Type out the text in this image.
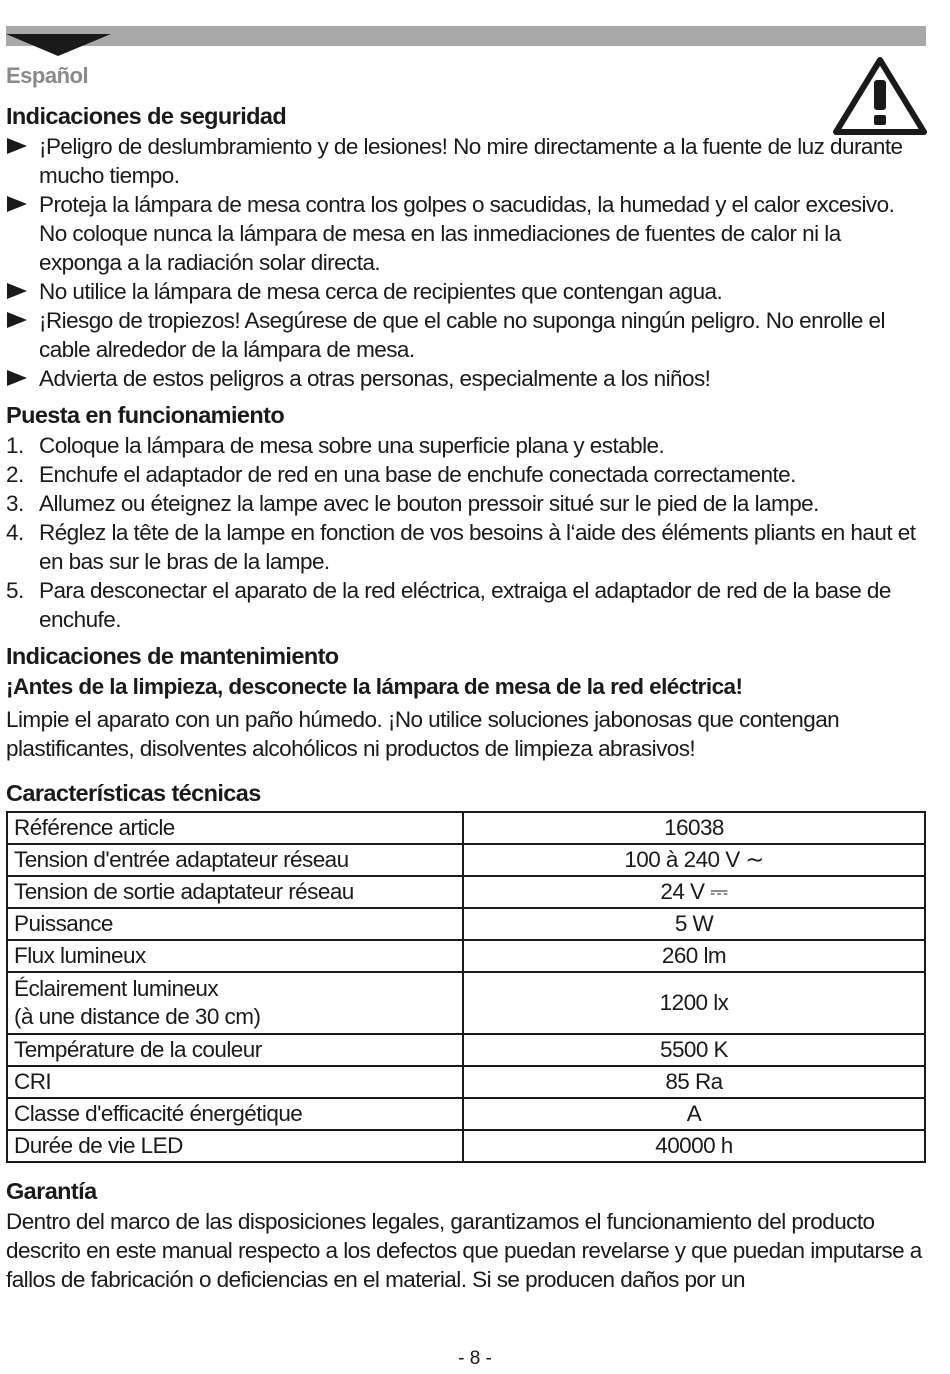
Español
Indicaciones de seguridad
¡Peligro de deslumbramiento y de lesiones! No mire directamente a la fuente de luz durante mucho tiempo.
Proteja la lámpara de mesa contra los golpes o sacudidas, la humedad y el calor excesivo. No coloque nunca la lámpara de mesa en las inmediaciones de fuentes de calor ni la exponga a la radiación solar directa.
No utilice la lámpara de mesa cerca de recipientes que contengan agua.
¡Riesgo de tropiezos! Asegúrese de que el cable no suponga ningún peligro. No enrolle el cable alrededor de la lámpara de mesa.
Advierta de estos peligros a otras personas, especialmente a los niños!
Puesta en funcionamiento
1. Coloque la lámpara de mesa sobre una superficie plana y estable.
2. Enchufe el adaptador de red en una base de enchufe conectada correctamente.
3. Allumez ou éteignez la lampe avec le bouton pressoir situé sur le pied de la lampe.
4. Réglez la tête de la lampe en fonction de vos besoins à l‘aide des éléments pliants en haut et en bas sur le bras de la lampe.
5. Para desconectar el aparato de la red eléctrica, extraiga el adaptador de red de la base de enchufe.
Indicaciones de mantenimiento

¡Antes de la limpieza, desconecte la lámpara de mesa de la red eléctrica!

Limpie el aparato con un paño húmedo. ¡No utilice soluciones jabonosas que contengan plastificantes, disolventes alcohólicos ni productos de limpieza abrasivos!

Características técnicas
Référence article	16038
Tension d'entrée adaptateur réseau	100 à 240 V ∼
Tension de sortie adaptateur réseau	24 V ⎓
Puissance	5 W
Flux lumineux	260 lm
Éclairement lumineux
(à une distance de 30 cm)	1200 lx
Température de la couleur	5500 K
CRI	85 Ra
Classe d'efficacité énergétique	A
Durée de vie LED	40000 h
Garantía

Dentro del marco de las disposiciones legales, garantizamos el funcionamiento del producto descrito en este manual respecto a los defectos que puedan revelarse y que puedan imputarse a fallos de fabricación o deficiencias en el material. Si se producen daños por un

- 8 -
